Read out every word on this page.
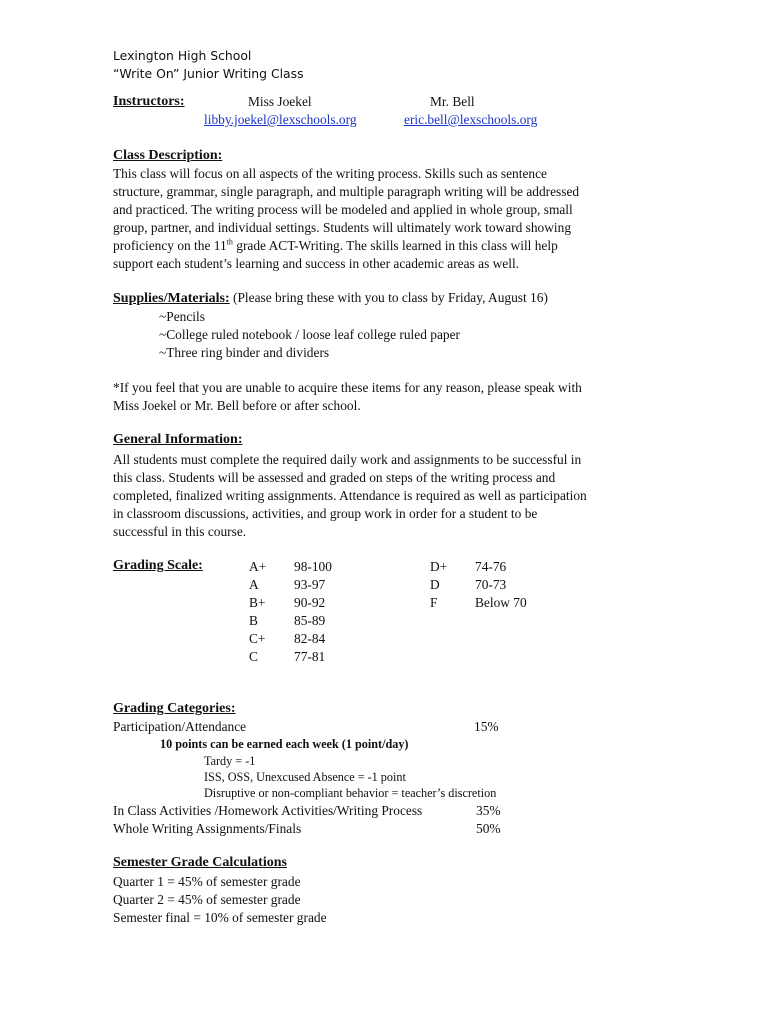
Lexington High School
“Write On” Junior Writing Class
Instructors:	Miss Joekel	Mr. Bell
libby.joekel@lexschools.org	eric.bell@lexschools.org
Class Description:
This class will focus on all aspects of the writing process. Skills such as sentence
structure, grammar, single paragraph, and multiple paragraph writing will be addressed
and practiced. The writing process will be modeled and applied in whole group, small
group, partner, and individual settings. Students will ultimately work toward showing
proficiency on the 11th grade ACT-Writing. The skills learned in this class will help
support each student’s learning and success in other academic areas as well.
Supplies/Materials: (Please bring these with you to class by Friday, August 16)
~Pencils
~College ruled notebook / loose leaf college ruled paper
~Three ring binder and dividers
*If you feel that you are unable to acquire these items for any reason, please speak with
Miss Joekel or Mr. Bell before or after school.
General Information:
All students must complete the required daily work and assignments to be successful in
this class. Students will be assessed and graded on steps of the writing process and
completed, finalized writing assignments. Attendance is required as well as participation
in classroom discussions, activities, and group work in order for a student to be
successful in this course.
Grading Scale:	A+ 98-100
A	93-97
B+ 90-92
B	85-89
C+ 82-84
C	77-81
D+ 74-76
D	70-73
F	Below 70
Grading Categories:
Participation/Attendance	15%
10 points can be earned each week (1 point/day)
Tardy = -1
ISS, OSS, Unexcused Absence = -1 point
Disruptive or non-compliant behavior = teacher’s discretion
In Class Activities /Homework Activities/Writing Process	35%
Whole Writing Assignments/Finals	50%
Semester Grade Calculations
Quarter 1 = 45% of semester grade
Quarter 2 = 45% of semester grade
Semester final = 10% of semester grade
